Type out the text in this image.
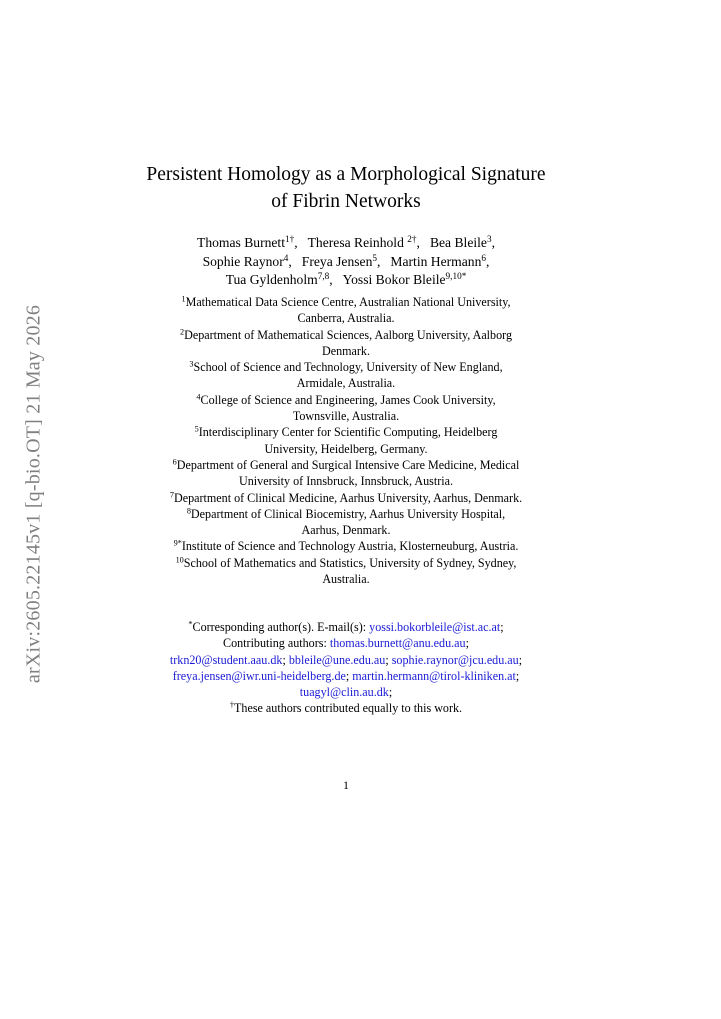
arXiv:2605.22145v1 [q-bio.OT] 21 May 2026
Persistent Homology as a Morphological Signature
of Fibrin Networks
Thomas Burnett$^{1\dagger}$, Theresa Reinhold $^{2\dagger}$, Bea Bleile$^3$,
Sophie Raynor$^4$, Freya Jensen$^5$, Martin Hermann$^6$,
Tua Gyldenholm$^{7,8}$, Yossi Bokor Bleile$^{9,10*}$
$^1$Mathematical Data Science Centre, Australian National University,
Canberra, Australia.
$^2$Department of Mathematical Sciences, Aalborg University, Aalborg
Denmark.
$^3$School of Science and Technology, University of New England,
Armidale, Australia.
$^4$College of Science and Engineering, James Cook University,
Townsville, Australia.
$^5$Interdisciplinary Center for Scientific Computing, Heidelberg
University, Heidelberg, Germany.
$^6$Department of General and Surgical Intensive Care Medicine, Medical
University of Innsbruck, Innsbruck, Austria.
$^7$Department of Clinical Medicine, Aarhus University, Aarhus, Denmark.
$^8$Department of Clinical Biocemistry, Aarhus University Hospital,
Aarhus, Denmark.
$^{9*}$Institute of Science and Technology Austria, Klosterneuburg, Austria.
$^{10}$School of Mathematics and Statistics, University of Sydney, Sydney,
Australia.
*Corresponding author(s). E-mail(s): yossi.bokorbleile@ist.ac.at;
Contributing authors: thomas.burnett@anu.edu.au;
trkn20@student.aau.dk; bbleile@une.edu.au; sophie.raynor@jcu.edu.au;
freya.jensen@iwr.uni-heidelberg.de; martin.hermann@tirol-kliniken.at;
tuagyl@clin.au.dk;
†These authors contributed equally to this work.
1
